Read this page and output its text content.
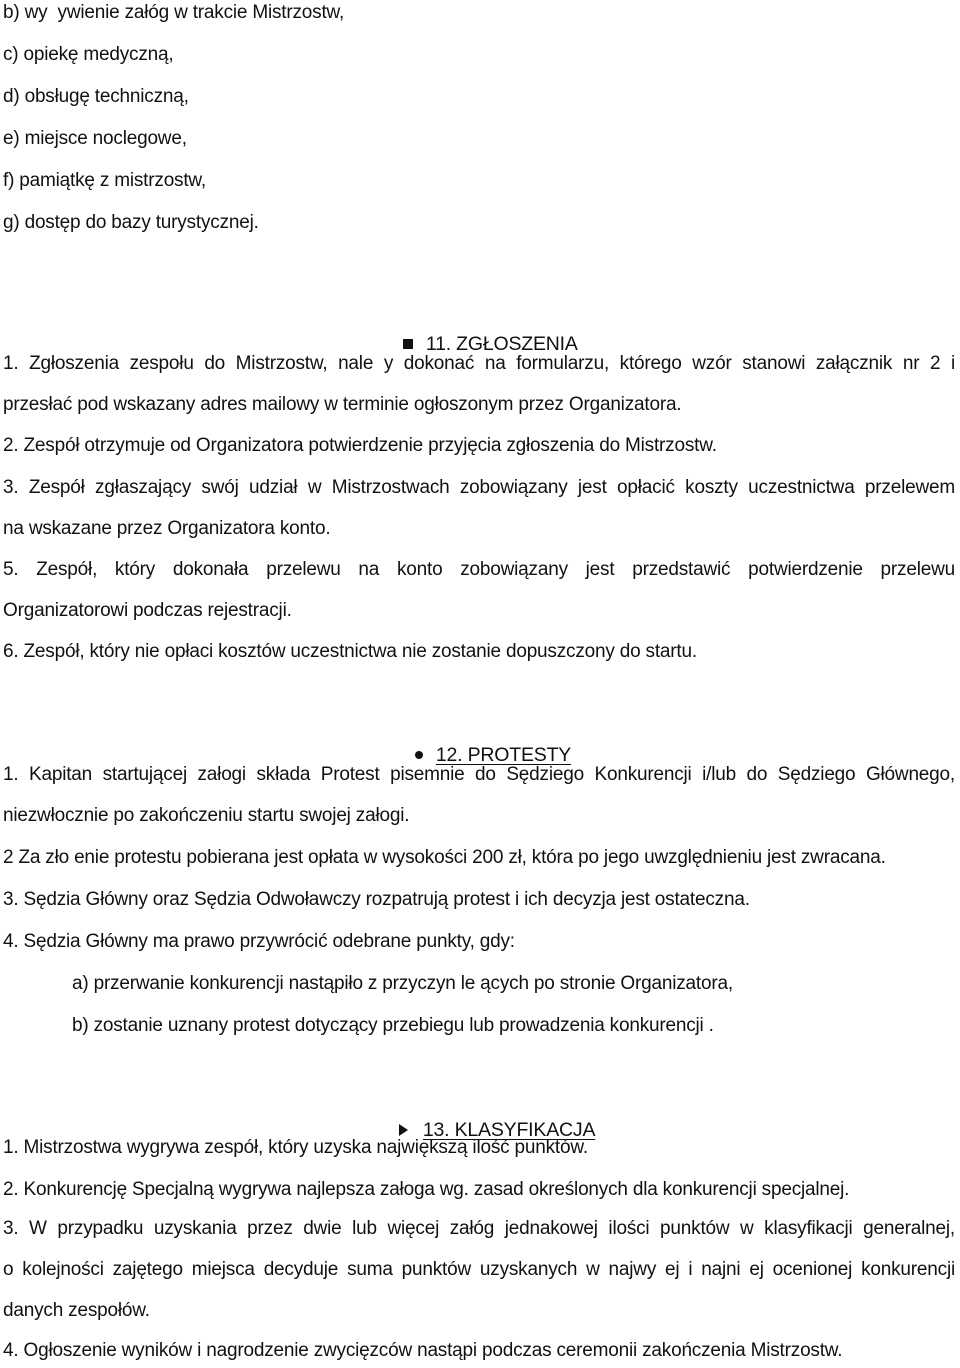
b) wy  ywienie załóg w trakcie Mistrzostw,
c) opiekę medyczną,
d) obsługę techniczną,
e) miejsce noclegowe,
f) pamiątkę z mistrzostw,
g) dostęp do bazy turystycznej.

11. ZGŁOSZENIA

1. Zgłoszenia zespołu do Mistrzostw, nale y dokonać na formularzu, którego wzór stanowi załącznik nr 2 i
przesłać pod wskazany adres mailowy w terminie ogłoszonym przez Organizatora.
2. Zespół otrzymuje od Organizatora potwierdzenie przyjęcia zgłoszenia do Mistrzostw.
3. Zespół zgłaszający swój udział w Mistrzostwach zobowiązany jest opłacić koszty uczestnictwa przelewem
na wskazane przez Organizatora konto.
5. Zespół, który dokonała przelewu na konto zobowiązany jest przedstawić potwierdzenie przelewu
Organizatorowi podczas rejestracji.
6. Zespół, który nie opłaci kosztów uczestnictwa nie zostanie dopuszczony do startu.

12. PROTESTY

1. Kapitan startującej załogi składa Protest pisemnie do Sędziego Konkurencji i/lub do Sędziego Głównego,
niezwłocznie po zakończeniu startu swojej załogi.
2 Za zło enie protestu pobierana jest opłata w wysokości 200 zł, która po jego uwzględnieniu jest zwracana.
3. Sędzia Główny oraz Sędzia Odwoławczy rozpatrują protest i ich decyzja jest ostateczna.
4. Sędzia Główny ma prawo przywrócić odebrane punkty, gdy:
a) przerwanie konkurencji nastąpiło z przyczyn le ących po stronie Organizatora,
b) zostanie uznany protest dotyczący przebiegu lub prowadzenia konkurencji .

13. KLASYFIKACJA

1. Mistrzostwa wygrywa zespół, który uzyska największą ilość punktów.
2. Konkurencję Specjalną wygrywa najlepsza załoga wg. zasad określonych dla konkurencji specjalnej.
3. W przypadku uzyskania przez dwie lub więcej załóg jednakowej ilości punktów w klasyfikacji generalnej,
o kolejności zajętego miejsca decyduje suma punktów uzyskanych w najwy ej i najni ej ocenionej konkurencji
danych zespołów.
4. Ogłoszenie wyników i nagrodzenie zwycięzców nastąpi podczas ceremonii zakończenia Mistrzostw.
